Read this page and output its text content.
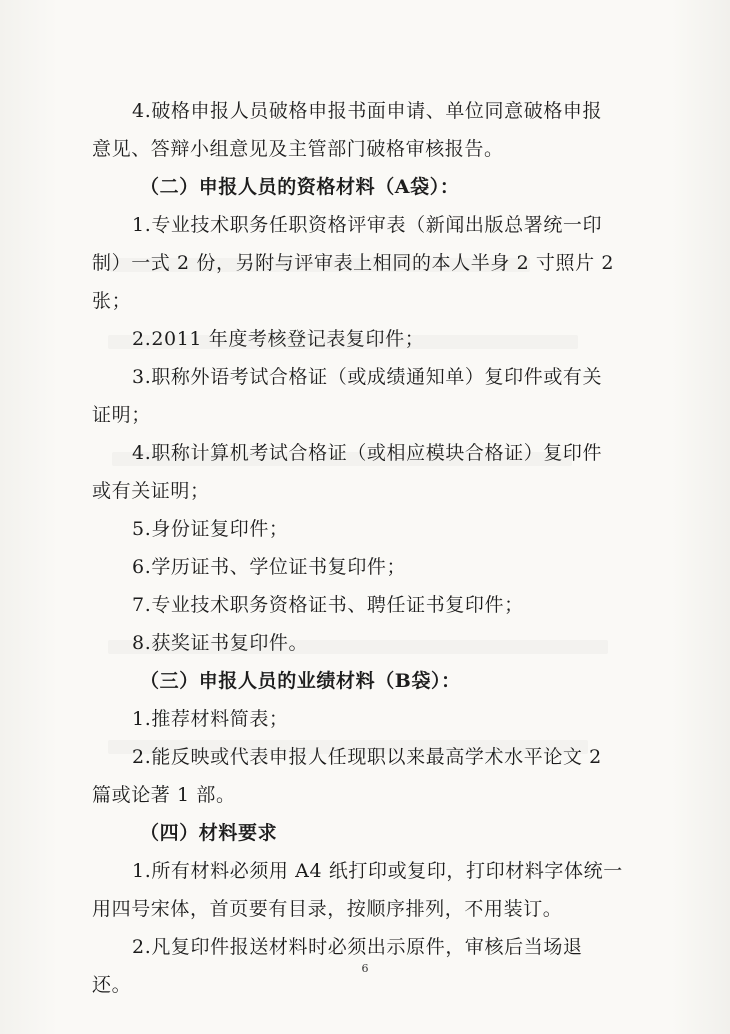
4.破格申报人员破格申报书面申请、单位同意破格申报

意见、答辩小组意见及主管部门破格审核报告。

（二）申报人员的资格材料（A袋）：

1.专业技术职务任职资格评审表（新闻出版总署统一印

制）一式 2 份，另附与评审表上相同的本人半身 2 寸照片 2

张；

2.2011 年度考核登记表复印件；

3.职称外语考试合格证（或成绩通知单）复印件或有关

证明；

4.职称计算机考试合格证（或相应模块合格证）复印件

或有关证明；

5.身份证复印件；

6.学历证书、学位证书复印件；

7.专业技术职务资格证书、聘任证书复印件；

8.获奖证书复印件。

（三）申报人员的业绩材料（B袋）：

1.推荐材料简表；

2.能反映或代表申报人任现职以来最高学术水平论文 2

篇或论著 1 部。

（四）材料要求

1.所有材料必须用 A4 纸打印或复印，打印材料字体统一

用四号宋体，首页要有目录，按顺序排列，不用装订。

2.凡复印件报送材料时必须出示原件，审核后当场退

还。

6
